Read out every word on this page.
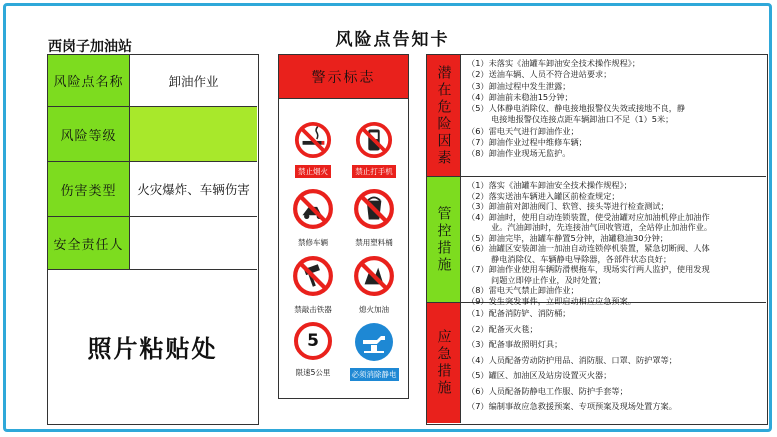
西岗子加油站	风险点告知卡
风险点名称	卸油作业
风险等级
伤害类型	火灾爆炸、车辆伤害
安全责任人
照片粘贴处
警示标志
禁止烟火	禁止打手机
禁修车辆	禁用塑料桶
禁敲击铁器	熄火加油
5
限速5公里	必须消除静电
潜在危险因素
（1）未落实《油罐车卸油安全技术操作规程》；
（2）送油车辆、人员不符合进站要求；
（3）卸油过程中发生泄露；
（4）卸油前未稳油15分钟；
（5）人体静电消除仪、静电接地报警仪失效或接地不良，静
电接地报警仪连接点距车辆卸油口不足（1）5米；
（6）雷电天气进行卸油作业；
（7）卸油作业过程中维修车辆；
（8）卸油作业现场无监护。
管控措施
（1）落实《油罐车卸油安全技术操作规程》；
（2）落实送油车辆进入罐区前检查规定；
（3）卸油前对卸油阀门、软管、接头等进行检查测试；
（4）卸油时，使用自动连锁装置，使受油罐对应加油机停止加油作
业。汽油卸油时，先连接油气回收管道，全站停止加油作业。
（5）卸油完毕，油罐车静置5分钟，油罐稳油30分钟；
（6）油罐区安装卸油一加油自动连锁停机装置，紧急切断阀、人体
静电消除仪、车辆静电导除器，各部件状态良好；
（7）卸油作业使用车辆防滑楔拖车，现场实行两人监护，使用发现
问题立即停止作业，及时处置；
（8）雷电天气禁止卸油作业；
（9）发生突发事件，立即启动相应应急预案。
应急措施
（1）配备消防铲、消防桶；
（2）配备灭火毯；
（3）配备事故照明灯具；
（4）人员配备劳动防护用品、消防服、口罩、防护罩等；
（5）罐区、加油区及站房设置灭火器；
（6）人员配备防静电工作服、防护手套等；
（7）编制事故应急救援预案、专项预案及现场处置方案。
